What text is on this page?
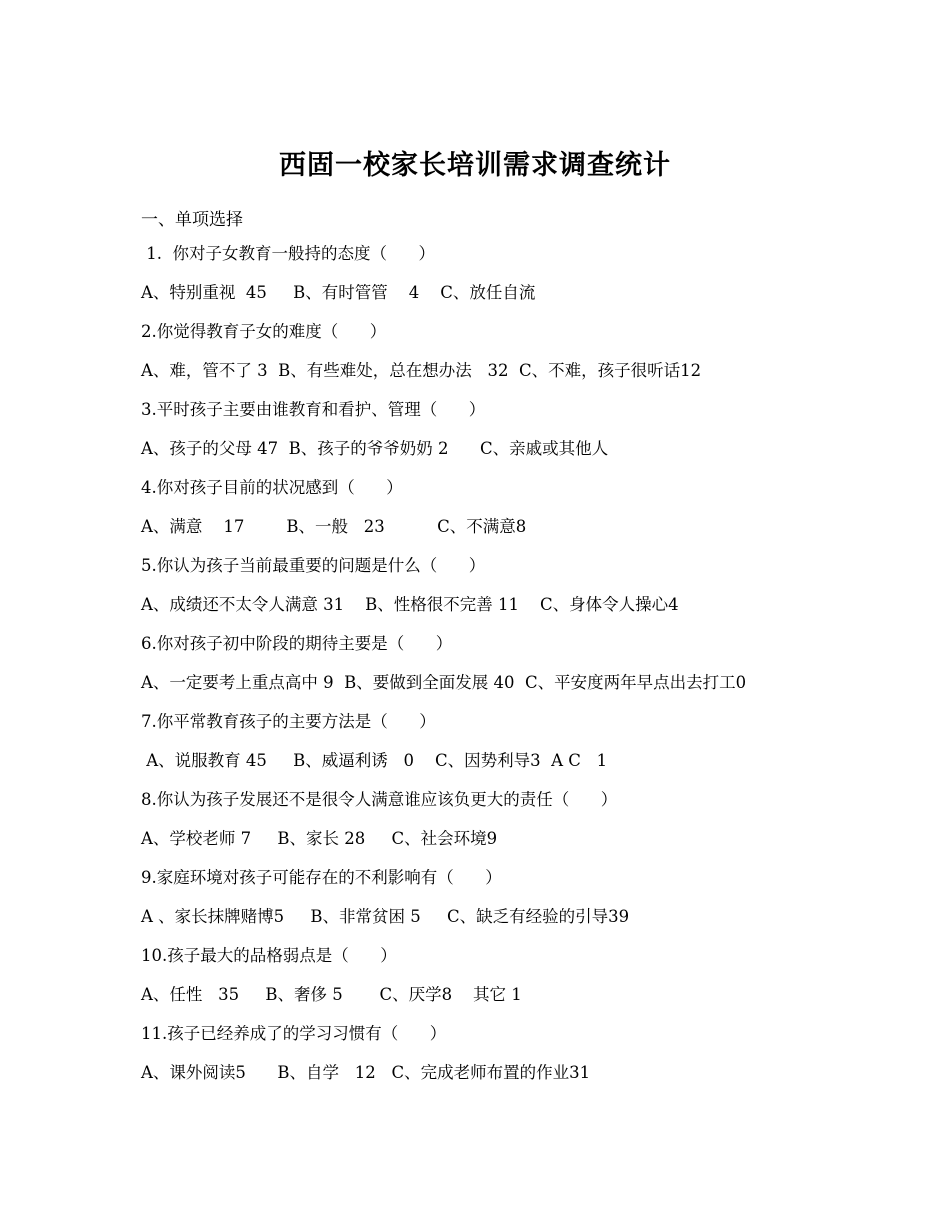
西固一校家长培训需求调查统计

一、单项选择

1.  你对子女教育一般持的态度（      ）

A、特别重视  45     B、有时管管    4    C、放任自流

2.你觉得教育子女的难度（      ）

A、难，管不了 3  B、有些难处，总在想办法   32  C、不难，孩子很听话12

3.平时孩子主要由谁教育和看护、管理（      ）

A、孩子的父母 47  B、孩子的爷爷奶奶 2      C、亲戚或其他人

4.你对孩子目前的状况感到（      ）

A、满意    17        B、一般   23          C、不满意8

5.你认为孩子当前最重要的问题是什么（      ）

A、成绩还不太令人满意 31    B、性格很不完善 11    C、身体令人操心4

6.你对孩子初中阶段的期待主要是（      ）

A、一定要考上重点高中 9  B、要做到全面发展 40  C、平安度两年早点出去打工0

7.你平常教育孩子的主要方法是（      ）

A、说服教育 45     B、威逼利诱   0    C、因势利导3  A C   1

8.你认为孩子发展还不是很令人满意谁应该负更大的责任（      ）

A、学校老师 7     B、家长 28     C、社会环境9

9.家庭环境对孩子可能存在的不利影响有（      ）

A 、家长抹牌赌博5     B、非常贫困 5     C、缺乏有经验的引导39

10.孩子最大的品格弱点是（      ）

A、任性   35     B、奢侈 5       C、厌学8    其它 1

11.孩子已经养成了的学习习惯有（      ）

A、课外阅读5      B、自学   12   C、完成老师布置的作业31
